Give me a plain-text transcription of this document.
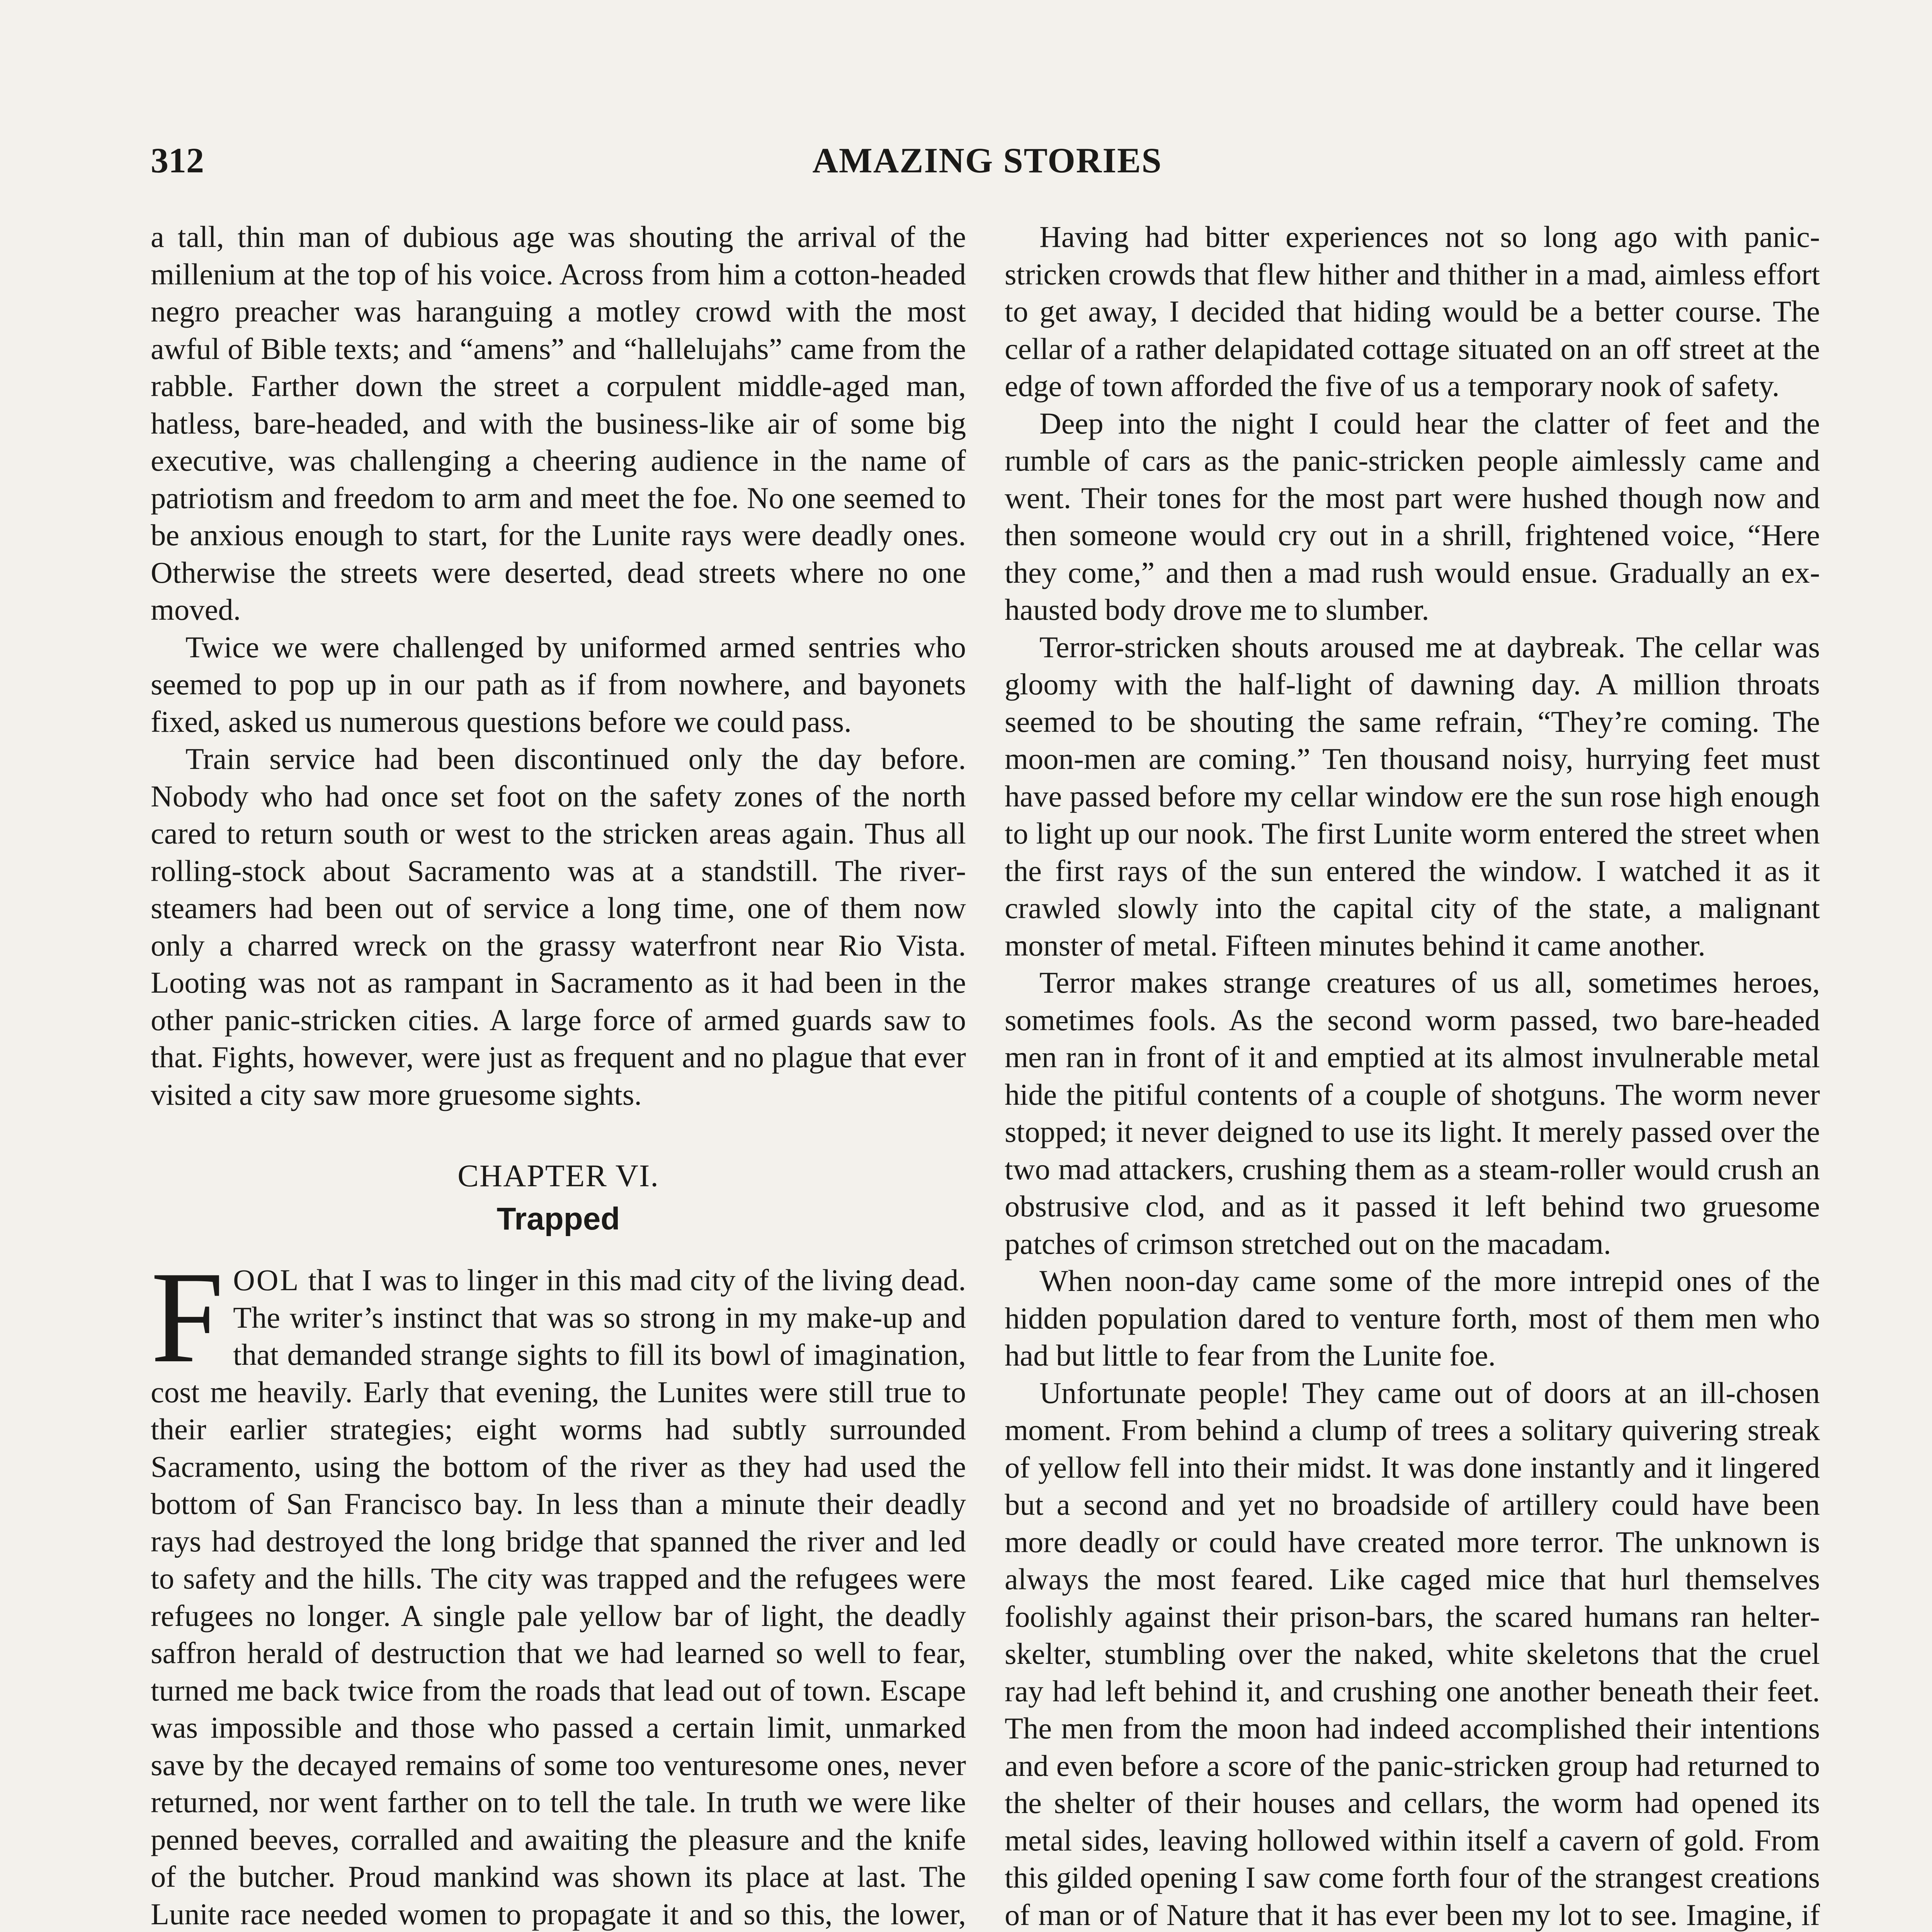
312	AMAZING STORIES

a tall, thin man of dubious age was shouting the arrival of the millenium at the top of his voice. Across from him a cotton-headed negro preacher was haranguing a motley crowd with the most awful of Bible texts; and “amens” and “hallelujahs” came from the rabble. Farther down the street a corpulent middle-aged man, hatless, bare-headed, and with the business-like air of some big executive, was challenging a cheering audience in the name of patriotism and freedom to arm and meet the foe. No one seemed to be anxious enough to start, for the Lunite rays were deadly ones. Otherwise the streets were deserted, dead streets where no one moved.

Twice we were challenged by uniformed armed sentries who seemed to pop up in our path as if from nowhere, and bayonets fixed, asked us numerous questions before we could pass.

Train service had been discontinued only the day before. Nobody who had once set foot on the safety zones of the north cared to return south or west to the stricken areas again. Thus all rolling-stock about Sacramento was at a standstill. The river-steamers had been out of service a long time, one of them now only a charred wreck on the grassy waterfront near Rio Vista. Looting was not as rampant in Sacramento as it had been in the other panic-stricken cities. A large force of armed guards saw to that. Fights, however, were just as frequent and no plague that ever visited a city saw more gruesome sights.

CHAPTER VI.
Trapped

FOOL that I was to linger in this mad city of the living dead. The writer’s instinct that was so strong in my make-up and that demanded strange sights to fill its bowl of imagination, cost me heavily. Early that evening, the Lunites were still true to their earlier strategies; eight worms had subtly surrounded Sacramento, using the bottom of the river as they had used the bottom of San Francisco bay. In less than a minute their deadly rays had destroyed the long bridge that spanned the river and led to safety and the hills. The city was trapped and the refugees were refugees no longer. A single pale yellow bar of light, the deadly saffron herald of destruction that we had learned so well to fear, turned me back twice from the roads that lead out of town. Escape was impossible and those who passed a certain limit, unmarked save by the decayed remains of some too venturesome ones, never returned, nor went farther on to tell the tale. In truth we were like penned beeves, corralled and awaiting the pleasure and the knife of the butcher. Proud mankind was shown its place at last. The Lunite race needed women to propagate it and so this, the lower,

Having had bitter experiences not so long ago with panic-stricken crowds that flew hither and thither in a mad, aimless effort to get away, I decided that hiding would be a better course. The cellar of a rather delapidated cottage situated on an off street at the edge of town afforded the five of us a temporary nook of safety.

Deep into the night I could hear the clatter of feet and the rumble of cars as the panic-stricken people aimlessly came and went. Their tones for the most part were hushed though now and then someone would cry out in a shrill, frightened voice, “Here they come,” and then a mad rush would ensue. Gradually an exhausted body drove me to slumber.

Terror-stricken shouts aroused me at daybreak. The cellar was gloomy with the half-light of dawning day. A million throats seemed to be shouting the same refrain, “They’re coming. The moon-men are coming.” Ten thousand noisy, hurrying feet must have passed before my cellar window ere the sun rose high enough to light up our nook. The first Lunite worm entered the street when the first rays of the sun entered the window. I watched it as it crawled slowly into the capital city of the state, a malignant monster of metal. Fifteen minutes behind it came another.

Terror makes strange creatures of us all, sometimes heroes, sometimes fools. As the second worm passed, two bare-headed men ran in front of it and emptied at its almost invulnerable metal hide the pitiful contents of a couple of shotguns. The worm never stopped; it never deigned to use its light. It merely passed over the two mad attackers, crushing them as a steam-roller would crush an obstrusive clod, and as it passed it left behind two gruesome patches of crimson stretched out on the macadam.

When noon-day came some of the more intrepid ones of the hidden population dared to venture forth, most of them men who had but little to fear from the Lunite foe.

Unfortunate people! They came out of doors at an ill-chosen moment. From behind a clump of trees a solitary quivering streak of yellow fell into their midst. It was done instantly and it lingered but a second and yet no broadside of artillery could have been more deadly or could have created more terror. The unknown is always the most feared. Like caged mice that hurl themselves foolishly against their prison-bars, the scared humans ran helter-skelter, stumbling over the naked, white skeletons that the cruel ray had left behind it, and crushing one another beneath their feet. The men from the moon had indeed accomplished their intentions and even before a score of the panic-stricken group had returned to the shelter of their houses and cellars, the worm had opened its metal sides, leaving hollowed within itself a cavern of gold. From this gilded opening I saw come forth four of the strangest creations of man or of Nature that it has ever been my lot to see. Imagine, if
